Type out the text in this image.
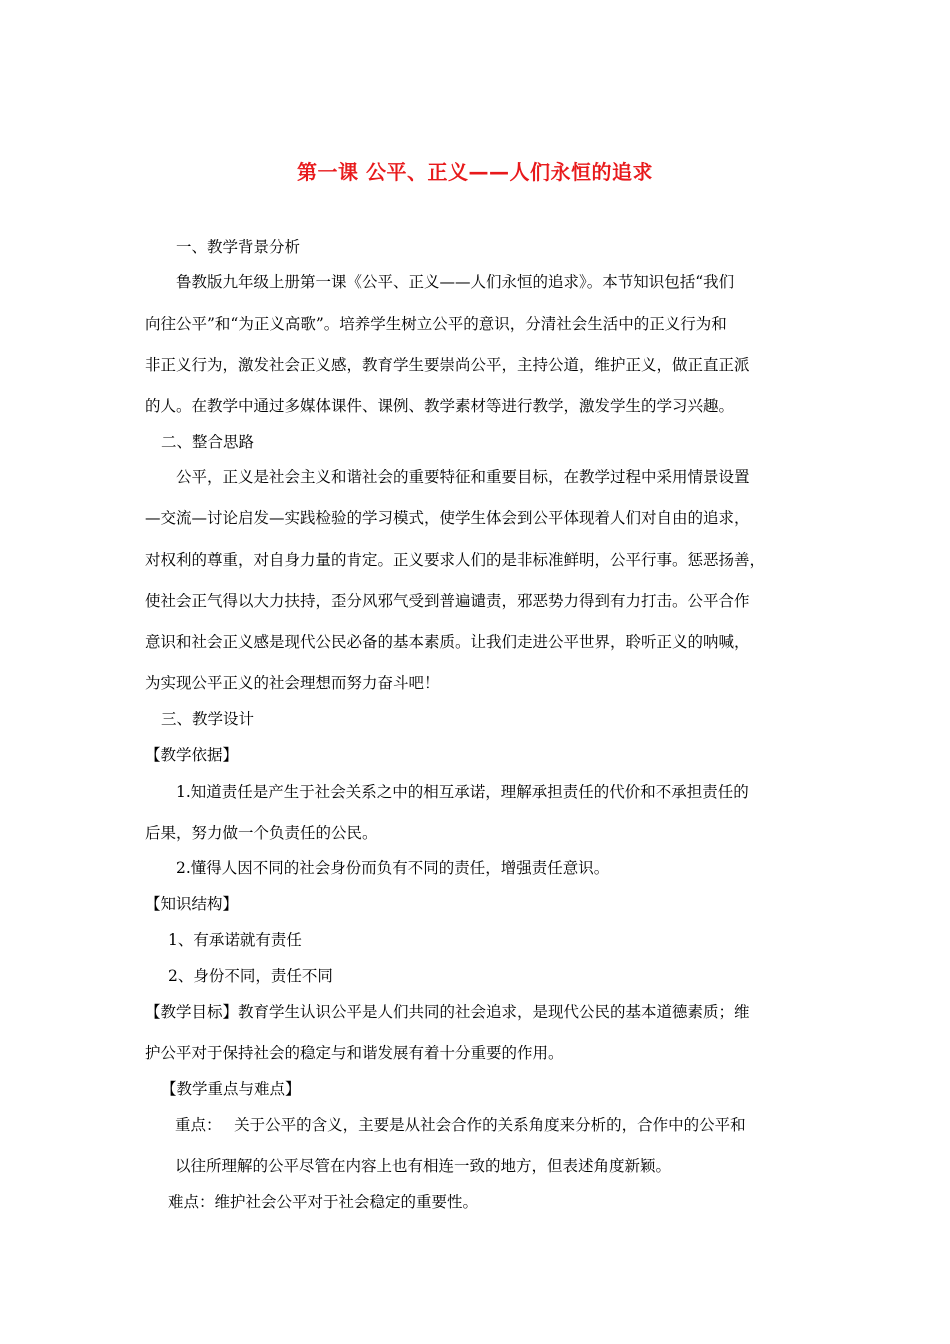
第一课 公平、正义——人们永恒的追求
一、教学背景分析
鲁教版九年级上册第一课《公平、正义——人们永恒的追求》。本节知识包括“我们
向往公平”和“为正义高歌”。培养学生树立公平的意识，分清社会生活中的正义行为和
非正义行为，激发社会正义感，教育学生要崇尚公平，主持公道，维护正义，做正直正派
的人。在教学中通过多媒体课件、课例、教学素材等进行教学，激发学生的学习兴趣。
二、整合思路
公平，正义是社会主义和谐社会的重要特征和重要目标，在教学过程中采用情景设置
—交流—讨论启发—实践检验的学习模式，使学生体会到公平体现着人们对自由的追求，
对权利的尊重，对自身力量的肯定。正义要求人们的是非标准鲜明，公平行事。惩恶扬善，
使社会正气得以大力扶持，歪分风邪气受到普遍谴责，邪恶势力得到有力打击。公平合作
意识和社会正义感是现代公民必备的基本素质。让我们走进公平世界，聆听正义的呐喊，
为实现公平正义的社会理想而努力奋斗吧！
三、教学设计
【教学依据】
1.知道责任是产生于社会关系之中的相互承诺，理解承担责任的代价和不承担责任的
后果，努力做一个负责任的公民。
2.懂得人因不同的社会身份而负有不同的责任，增强责任意识。
【知识结构】
1、有承诺就有责任
2、身份不同，责任不同
【教学目标】教育学生认识公平是人们共同的社会追求，是现代公民的基本道德素质；维
护公平对于保持社会的稳定与和谐发展有着十分重要的作用。
【教学重点与难点】
重点：　 关于公平的含义，主要是从社会合作的关系角度来分析的，合作中的公平和
以往所理解的公平尽管在内容上也有相连一致的地方，但表述角度新颖。
难点：维护社会公平对于社会稳定的重要性。
